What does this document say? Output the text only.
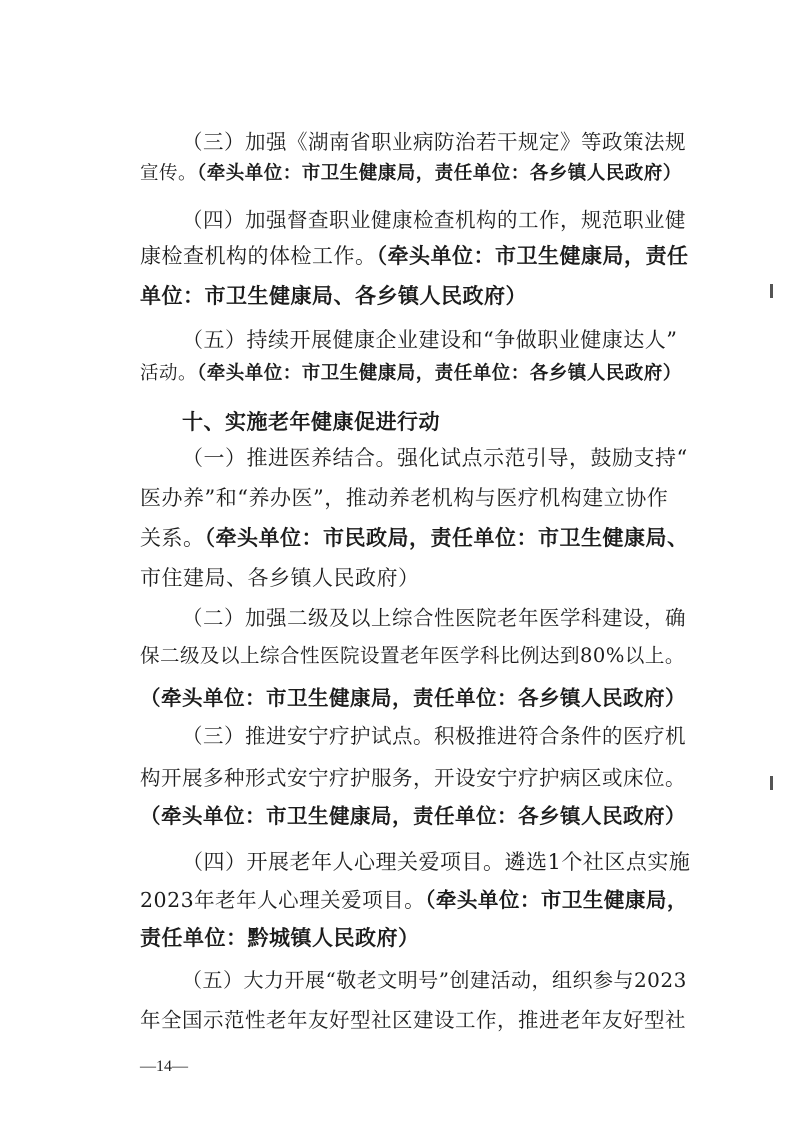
（三）加强《湖南省职业病防治若干规定》等政策法规
宣传。（牵头单位：市卫生健康局，责任单位：各乡镇人民政府）
（四）加强督查职业健康检查机构的工作，规范职业健
康检查机构的体检工作。（牵头单位：市卫生健康局，责任
单位：市卫生健康局、各乡镇人民政府）
（五）持续开展健康企业建设和“争做职业健康达人”
活动。（牵头单位：市卫生健康局，责任单位：各乡镇人民政府）
十、实施老年健康促进行动
（一）推进医养结合。强化试点示范引导，鼓励支持“
医办养”和“养办医”，推动养老机构与医疗机构建立协作
关系。（牵头单位：市民政局，责任单位：市卫生健康局、
市住建局、各乡镇人民政府）
（二）加强二级及以上综合性医院老年医学科建设，确
保二级及以上综合性医院设置老年医学科比例达到80%以上。
（牵头单位：市卫生健康局，责任单位：各乡镇人民政府）
（三）推进安宁疗护试点。积极推进符合条件的医疗机
构开展多种形式安宁疗护服务，开设安宁疗护病区或床位。
（牵头单位：市卫生健康局，责任单位：各乡镇人民政府）
（四）开展老年人心理关爱项目。遴选1个社区点实施
2023年老年人心理关爱项目。（牵头单位：市卫生健康局，
责任单位：黔城镇人民政府）
（五）大力开展“敬老文明号”创建活动，组织参与2023
年全国示范性老年友好型社区建设工作，推进老年友好型社
—14—
